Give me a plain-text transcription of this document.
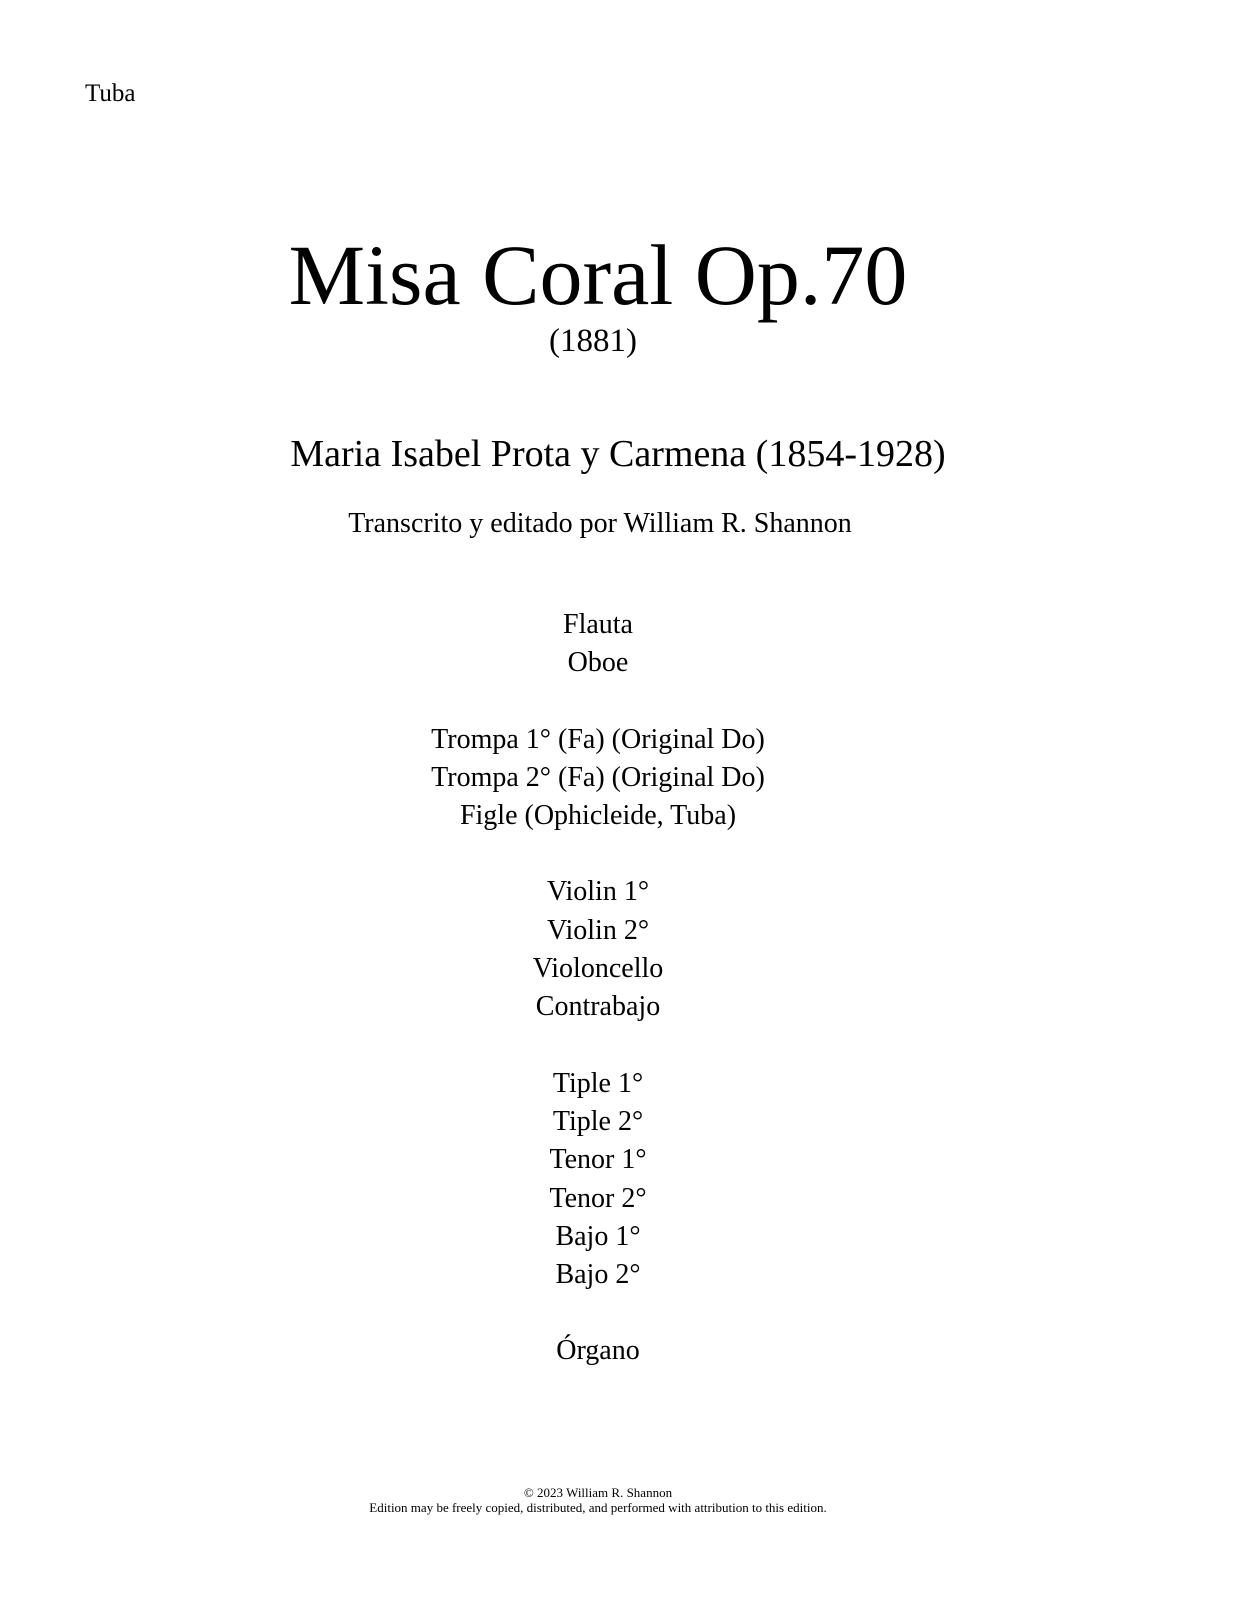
Tuba
Misa Coral Op.70
(1881)
Maria Isabel Prota y Carmena (1854-1928)
Transcrito y editado por William R. Shannon
Flauta
Oboe
Trompa 1° (Fa) (Original Do)
Trompa 2° (Fa) (Original Do)
Figle (Ophicleide, Tuba)
Violin 1°
Violin 2°
Violoncello
Contrabajo
Tiple 1°
Tiple 2°
Tenor 1°
Tenor 2°
Bajo 1°
Bajo 2°
Órgano
© 2023 William R. Shannon
Edition may be freely copied, distributed, and performed with attribution to this edition.
